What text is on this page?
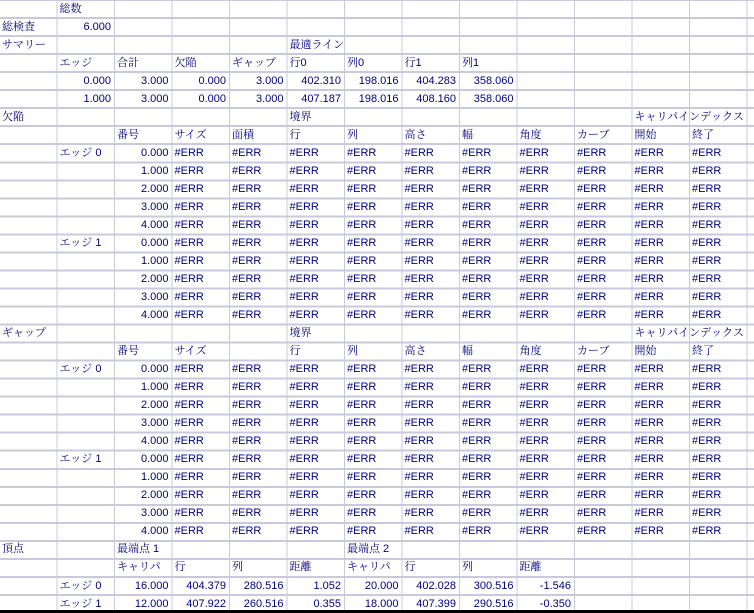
総数
総検査	6.000
サマリー	最適ライン
エッジ	合計	欠陥	ギャップ	行0	列0	行1	列1
0.000	3.000	0.000	3.000	402.310	198.016	404.283	358.060
1.000	3.000	0.000	3.000	407.187	198.016	408.160	358.060
欠陥	境界	キャリパインデックス
番号	サイズ	面積	行	列	高さ	幅	角度	カーブ	開始	終了
エッジ 0	0.000 #ERR	#ERR	#ERR	#ERR	#ERR	#ERR	#ERR	#ERR	#ERR	#ERR
1.000 #ERR	#ERR	#ERR	#ERR	#ERR	#ERR	#ERR	#ERR	#ERR	#ERR
2.000 #ERR	#ERR	#ERR	#ERR	#ERR	#ERR	#ERR	#ERR	#ERR	#ERR
3.000 #ERR	#ERR	#ERR	#ERR	#ERR	#ERR	#ERR	#ERR	#ERR	#ERR
4.000 #ERR	#ERR	#ERR	#ERR	#ERR	#ERR	#ERR	#ERR	#ERR	#ERR
エッジ 1	0.000 #ERR	#ERR	#ERR	#ERR	#ERR	#ERR	#ERR	#ERR	#ERR	#ERR
1.000 #ERR	#ERR	#ERR	#ERR	#ERR	#ERR	#ERR	#ERR	#ERR	#ERR
2.000 #ERR	#ERR	#ERR	#ERR	#ERR	#ERR	#ERR	#ERR	#ERR	#ERR
3.000 #ERR	#ERR	#ERR	#ERR	#ERR	#ERR	#ERR	#ERR	#ERR	#ERR
4.000 #ERR	#ERR	#ERR	#ERR	#ERR	#ERR	#ERR	#ERR	#ERR	#ERR
ギャップ	境界	キャリパインデックス
番号	サイズ	行	列	高さ	幅	角度	カーブ	開始	終了
エッジ 0	0.000 #ERR	#ERR	#ERR	#ERR	#ERR	#ERR	#ERR	#ERR	#ERR	#ERR
1.000 #ERR	#ERR	#ERR	#ERR	#ERR	#ERR	#ERR	#ERR	#ERR	#ERR
2.000 #ERR	#ERR	#ERR	#ERR	#ERR	#ERR	#ERR	#ERR	#ERR	#ERR
3.000 #ERR	#ERR	#ERR	#ERR	#ERR	#ERR	#ERR	#ERR	#ERR	#ERR
4.000 #ERR	#ERR	#ERR	#ERR	#ERR	#ERR	#ERR	#ERR	#ERR	#ERR
エッジ 1	0.000 #ERR	#ERR	#ERR	#ERR	#ERR	#ERR	#ERR	#ERR	#ERR	#ERR
1.000 #ERR	#ERR	#ERR	#ERR	#ERR	#ERR	#ERR	#ERR	#ERR	#ERR
2.000 #ERR	#ERR	#ERR	#ERR	#ERR	#ERR	#ERR	#ERR	#ERR	#ERR
3.000 #ERR	#ERR	#ERR	#ERR	#ERR	#ERR	#ERR	#ERR	#ERR	#ERR
4.000 #ERR	#ERR	#ERR	#ERR	#ERR	#ERR	#ERR	#ERR	#ERR	#ERR
頂点	最端点 1	最端点 2
キャリパ	行	列	距離	キャリパ	行	列	距離
エッジ 0	16.000	404.379	280.516	1.052	20.000	402.028	300.516	-1.546
エッジ 1	12.000	407.922	260.516	0.355	18.000	407.399	290.516	-0.350
